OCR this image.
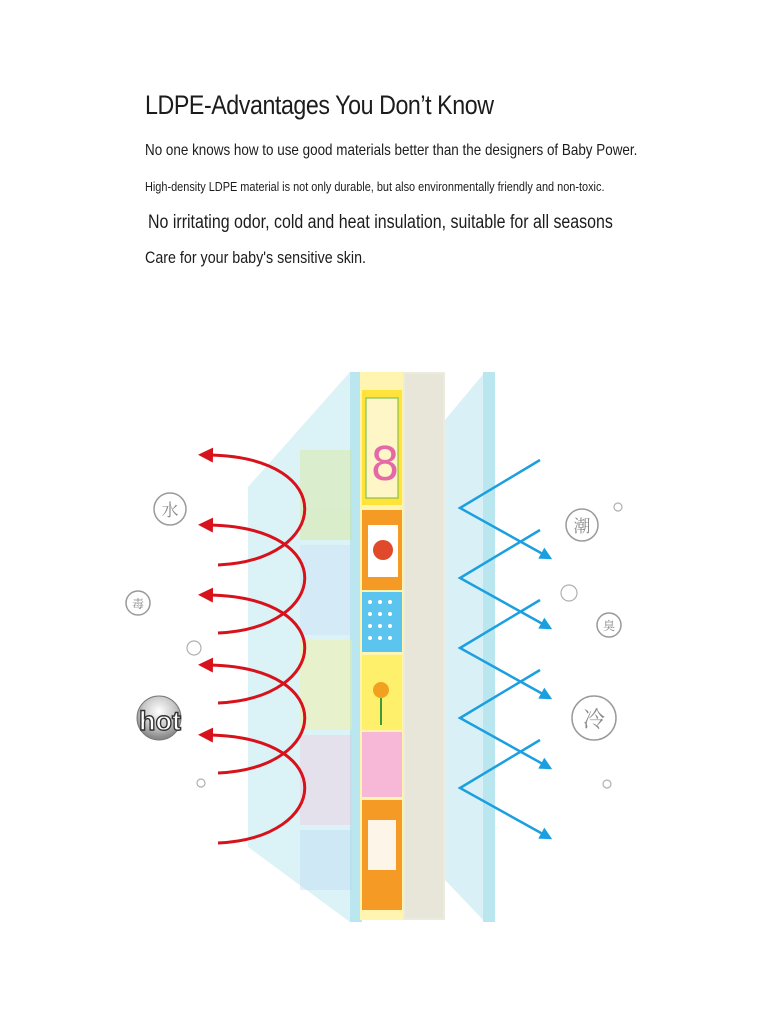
LDPE-Advantages You Don’t Know
No one knows how to use good materials better than the designers of Baby Power.
High-density LDPE material is not only durable, but also environmentally friendly and non-toxic.
No irritating odor, cold and heat insulation, suitable for all seasons
Care for your baby's sensitive skin.
8
水
毒
hot
潮
臭
冷
